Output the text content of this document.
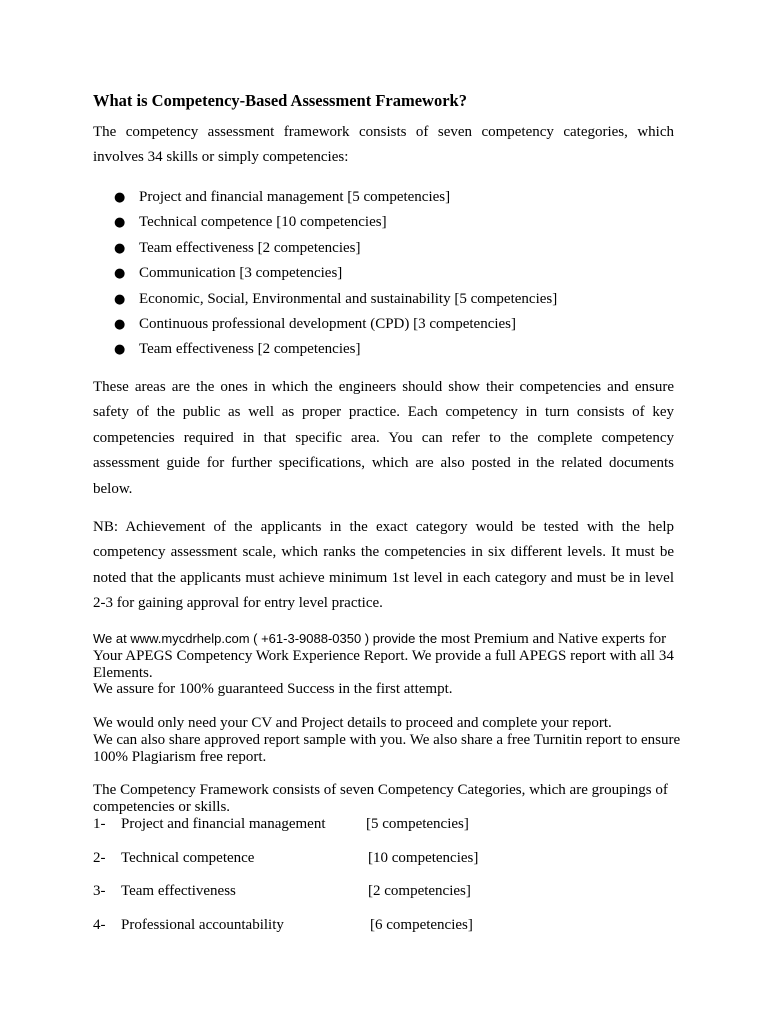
What is Competency-Based Assessment Framework?

The competency assessment framework consists of seven competency categories, which involves 34 skills or simply competencies:

● Project and financial management [5 competencies]
● Technical competence [10 competencies]
● Team effectiveness [2 competencies]
● Communication [3 competencies]
● Economic, Social, Environmental and sustainability [5 competencies]
● Continuous professional development (CPD) [3 competencies]
● Team effectiveness [2 competencies]

These areas are the ones in which the engineers should show their competencies and ensure safety of the public as well as proper practice. Each competency in turn consists of key competencies required in that specific area. You can refer to the complete competency assessment guide for further specifications, which are also posted in the related documents below.

NB: Achievement of the applicants in the exact category would be tested with the help competency assessment scale, which ranks the competencies in six different levels. It must be noted that the applicants must achieve minimum 1st level in each category and must be in level 2-3 for gaining approval for entry level practice.

We at www.mycdrhelp.com ( +61-3-9088-0350 ) provide the most Premium and Native experts for Your APEGS Competency Work Experience Report. We provide a full APEGS report with all 34 Elements.
We assure for 100% guaranteed Success in the first attempt.

We would only need your CV and Project details to proceed and complete your report.
We can also share approved report sample with you. We also share a free Turnitin report to ensure 100% Plagiarism free report.

The Competency Framework consists of seven Competency Categories, which are groupings of competencies or skills.

1- Project and financial management	[5 competencies]
2- Technical competence	[10 competencies]
3- Team effectiveness	[2 competencies]
4- Professional accountability	[6 competencies]
